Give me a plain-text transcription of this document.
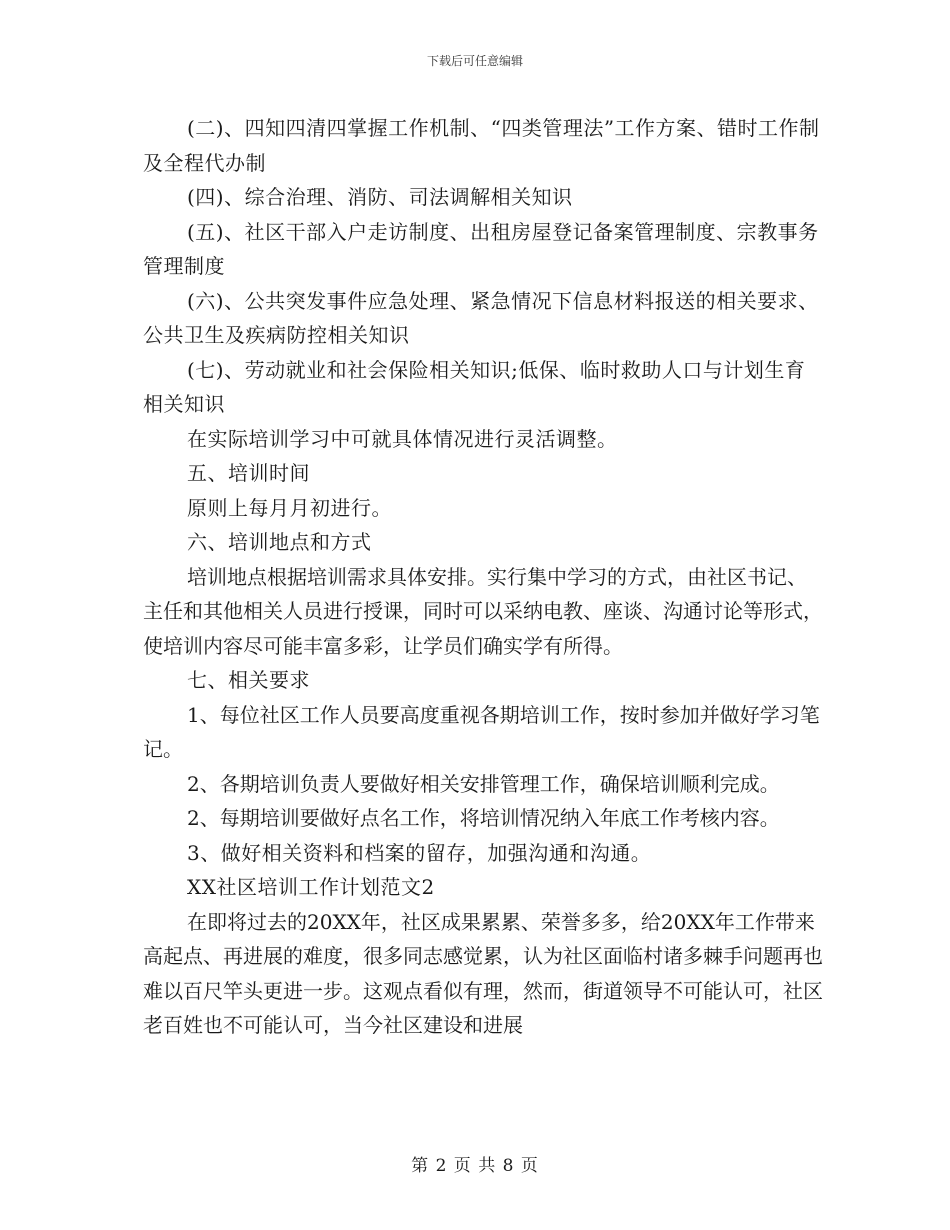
下载后可任意编辑

(二)、四知四清四掌握工作机制、“四类管理法”工作方案、错时工作制及全程代办制

(四)、综合治理、消防、司法调解相关知识

(五)、社区干部入户走访制度、出租房屋登记备案管理制度、宗教事务管理制度

(六)、公共突发事件应急处理、紧急情况下信息材料报送的相关要求、公共卫生及疾病防控相关知识

(七)、劳动就业和社会保险相关知识;低保、临时救助人口与计划生育相关知识

在实际培训学习中可就具体情况进行灵活调整。

五、培训时间

原则上每月月初进行。

六、培训地点和方式

培训地点根据培训需求具体安排。实行集中学习的方式，由社区书记、主任和其他相关人员进行授课，同时可以采纳电教、座谈、沟通讨论等形式，使培训内容尽可能丰富多彩，让学员们确实学有所得。

七、相关要求

1、每位社区工作人员要高度重视各期培训工作，按时参加并做好学习笔记。

2、各期培训负责人要做好相关安排管理工作，确保培训顺利完成。

2、每期培训要做好点名工作，将培训情况纳入年底工作考核内容。

3、做好相关资料和档案的留存，加强沟通和沟通。

XX社区培训工作计划范文2

在即将过去的20XX年，社区成果累累、荣誉多多，给20XX年工作带来高起点、再进展的难度，很多同志感觉累，认为社区面临村诸多棘手问题再也难以百尺竿头更进一步。这观点看似有理，然而，街道领导不可能认可，社区老百姓也不可能认可，当今社区建设和进展

第 2 页 共 8 页
